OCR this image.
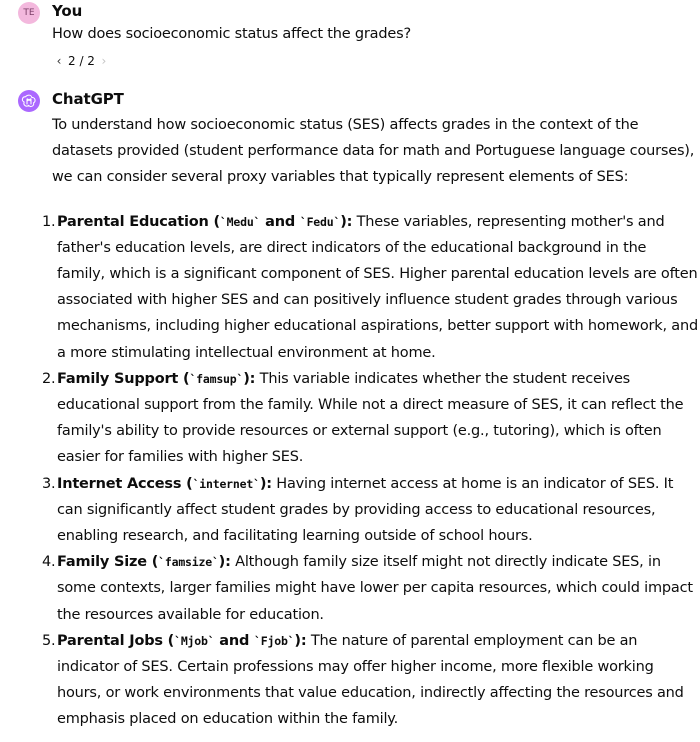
TE	You
How does socioeconomic status affect the grades?
‹ 2 / 2 ›
ChatGPT

To understand how socioeconomic status (SES) affects grades in the context of the datasets provided (student performance data for math and Portuguese language courses), we can consider several proxy variables that typically represent elements of SES:

1. Parental Education (`Medu` and `Fedu`): These variables, representing mother's and father's education levels, are direct indicators of the educational background in the family, which is a significant component of SES. Higher parental education levels are often associated with higher SES and can positively influence student grades through various mechanisms, including higher educational aspirations, better support with homework, and a more stimulating intellectual environment at home.
2. Family Support (`famsup`): This variable indicates whether the student receives educational support from the family. While not a direct measure of SES, it can reflect the family's ability to provide resources or external support (e.g., tutoring), which is often easier for families with higher SES.
3. Internet Access (`internet`): Having internet access at home is an indicator of SES. It can significantly affect student grades by providing access to educational resources, enabling research, and facilitating learning outside of school hours.
4. Family Size (`famsize`): Although family size itself might not directly indicate SES, in some contexts, larger families might have lower per capita resources, which could impact the resources available for education.
5. Parental Jobs (`Mjob` and `Fjob`): The nature of parental employment can be an indicator of SES. Certain professions may offer higher income, more flexible working hours, or work environments that value education, indirectly affecting the resources and emphasis placed on education within the family.
